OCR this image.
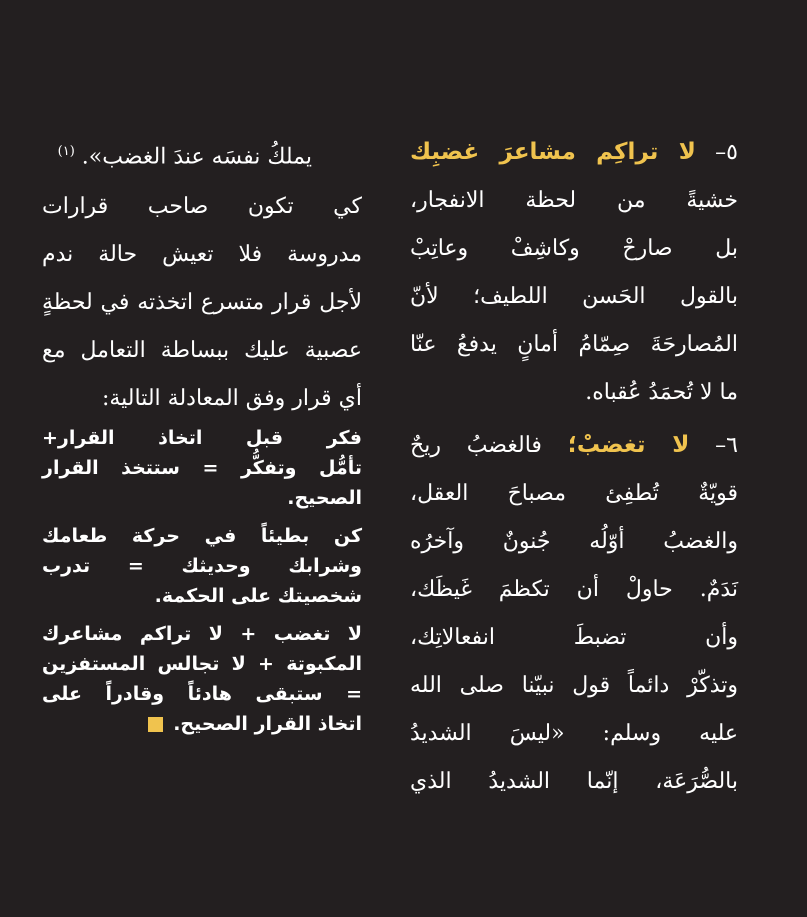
٥– لا تراكِم مشاعرَ غضبِك
خشيةً من لحظة الانفجار،
بل صارحْ وكاشِفْ وعاتِبْ
بالقول الحَسن اللطيف؛ لأنّ
المُصارحَةَ صِمّامُ أمانٍ يدفعُ عنّا
ما لا تُحمَدُ عُقباه.
٦– لا تغضبْ؛ فالغضبُ ريحٌ
قويّةٌ تُطفِئ مصباحَ العقل،
والغضبُ أوّلُه جُنونٌ وآخرُه
نَدَمٌ. حاولْ أن تكظمَ غَيظَك،
وأن تضبطَ انفعالاتِك،
وتذكّرْ دائماً قول نبيّنا صلى الله
عليه وسلم: «ليسَ الشديدُ
بالصُّرَعَة، إنّما الشديدُ الذي
يملكُ نفسَه عندَ الغضب». $^{(١)}$
كي تكون صاحب قرارات
مدروسة فلا تعيش حالة ندم
لأجل قرار متسرع اتخذته في لحظةٍ
عصبية عليك ببساطة التعامل مع
أي قرار وفق المعادلة التالية:
فكر قبل اتخاذ القرار+
تأمُّل وتفكُّر = ستتخذ القرار
الصحيح.
كن بطيئاً في حركة طعامك
وشرابك وحديثك = تدرب
شخصيتك على الحكمة.
لا تغضب + لا تراكم مشاعرك
المكبوتة + لا تجالس المستفزين
= ستبقى هادئاً وقادراً على
اتخاذ القرار الصحيح.
